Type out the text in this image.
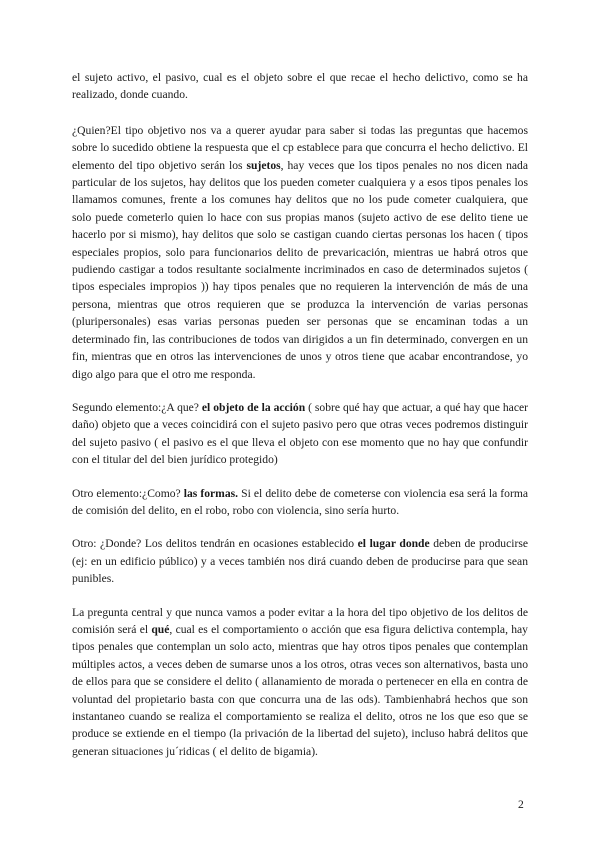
el sujeto activo, el pasivo, cual es el objeto sobre el que recae el hecho delictivo, como se ha realizado, donde cuando.

¿Quien?El tipo objetivo nos va a querer ayudar para saber si todas las preguntas que hacemos sobre lo sucedido obtiene la respuesta que el cp establece para que concurra el hecho delictivo. El elemento del tipo objetivo serán los sujetos, hay veces que los tipos penales no nos dicen nada particular de los sujetos, hay delitos que los pueden cometer cualquiera y a esos tipos penales los llamamos comunes, frente a los comunes hay delitos que no los pude cometer cualquiera, que solo puede cometerlo quien lo hace con sus propias manos (sujeto activo de ese delito tiene ue hacerlo por si mismo), hay delitos que solo se castigan cuando ciertas personas los hacen ( tipos especiales propios, solo para funcionarios delito de prevaricación, mientras ue habrá otros que pudiendo castigar a todos resultante socialmente incriminados en caso de determinados sujetos ( tipos especiales impropios )) hay tipos penales que no requieren la intervención de más de una persona, mientras que otros requieren que se produzca la intervención de varias personas (pluripersonales) esas varias personas pueden ser personas que se encaminan todas a un determinado fin, las contribuciones de todos van dirigidos a un fin determinado, convergen en un fin, mientras que en otros las intervenciones de unos y otros tiene que acabar encontrandose, yo digo algo para que el otro me responda.

Segundo elemento:¿A que? el objeto de la acción ( sobre qué hay que actuar, a qué hay que hacer daño) objeto que a veces coincidirá con el sujeto pasivo pero que otras veces podremos distinguir del sujeto pasivo ( el pasivo es el que lleva el objeto con ese momento que no hay que confundir con el titular del del bien jurídico protegido)

Otro elemento:¿Como? las formas. Si el delito debe de cometerse con violencia esa será la forma de comisión del delito, en el robo, robo con violencia, sino sería hurto.

Otro: ¿Donde? Los delitos tendrán en ocasiones establecido el lugar donde deben de producirse (ej: en un edificio público) y a veces también nos dirá cuando deben de producirse para que sean punibles.

La pregunta central y que nunca vamos a poder evitar a la hora del tipo objetivo de los delitos de comisión será el qué, cual es el comportamiento o acción que esa figura delictiva contempla, hay tipos penales que contemplan un solo acto, mientras que hay otros tipos penales que contemplan múltiples actos, a veces deben de sumarse unos a los otros, otras veces son alternativos, basta uno de ellos para que se considere el delito ( allanamiento de morada o pertenecer en ella en contra de voluntad del propietario basta con que concurra una de las ods). Tambienhabrá hechos que son instantaneo cuando se realiza el comportamiento se realiza el delito, otros ne los que eso que se produce se extiende en el tiempo (la privación de la libertad del sujeto), incluso habrá delitos que generan situaciones ju´ridicas ( el delito de bigamia).

2
